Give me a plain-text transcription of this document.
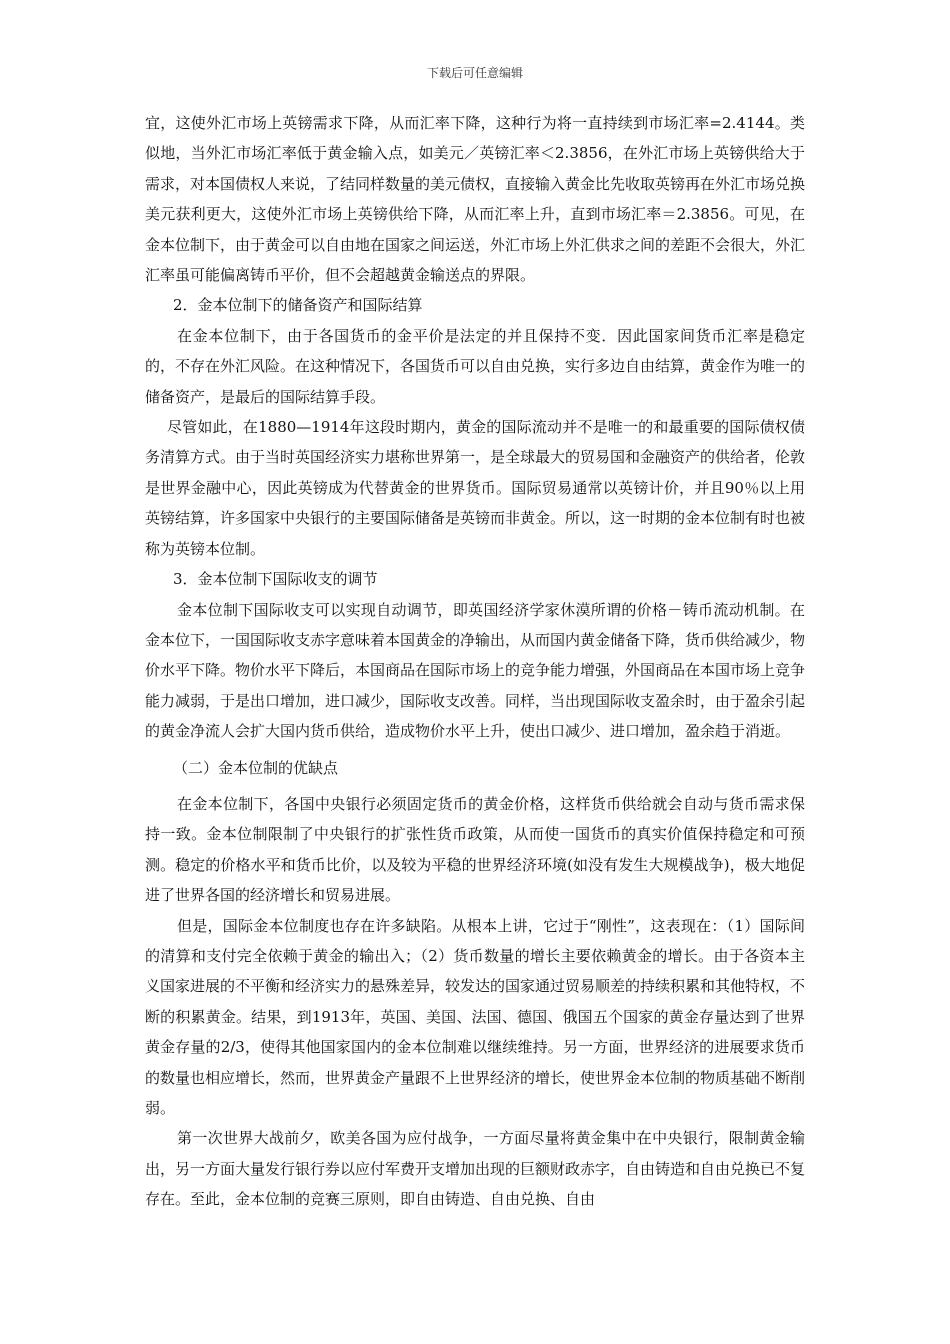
下载后可任意编辑

宜，这使外汇市场上英镑需求下降，从而汇率下降，这种行为将一直持续到市场汇率=2.4144。类似地，当外汇市场汇率低于黄金输入点，如美元／英镑汇率＜2.3856，在外汇市场上英镑供给大于需求，对本国债权人来说，了结同样数量的美元债权，直接输入黄金比先收取英镑再在外汇市场兑换美元获利更大，这使外汇市场上英镑供给下降，从而汇率上升，直到市场汇率＝2.3856。可见，在金本位制下，由于黄金可以自由地在国家之间运送，外汇市场上外汇供求之间的差距不会很大，外汇汇率虽可能偏离铸币平价，但不会超越黄金输送点的界限。

2．金本位制下的储备资产和国际结算

在金本位制下，由于各国货币的金平价是法定的并且保持不变．因此国家间货币汇率是稳定的，不存在外汇风险。在这种情况下，各国货币可以自由兑换，实行多边自由结算，黄金作为唯一的储备资产，是最后的国际结算手段。

尽管如此，在1880—1914年这段时期内，黄金的国际流动并不是唯一的和最重要的国际债权债务清算方式。由于当时英国经济实力堪称世界第一，是全球最大的贸易国和金融资产的供给者，伦敦是世界金融中心，因此英镑成为代替黄金的世界货币。国际贸易通常以英镑计价，并且90％以上用英镑结算，许多国家中央银行的主要国际储备是英镑而非黄金。所以，这一时期的金本位制有时也被称为英镑本位制。

3．金本位制下国际收支的调节

金本位制下国际收支可以实现自动调节，即英国经济学家休漠所谓的价格－铸币流动机制。在金本位下，一国国际收支赤字意味着本国黄金的净输出，从而国内黄金储备下降，货币供给减少，物价水平下降。物价水平下降后，本国商品在国际市场上的竞争能力增强，外国商品在本国市场上竞争能力减弱，于是出口增加，进口减少，国际收支改善。同样，当出现国际收支盈余时，由于盈余引起的黄金净流人会扩大国内货币供给，造成物价水平上升，使出口减少、进口增加，盈余趋于消逝。

（二）金本位制的优缺点

在金本位制下，各国中央银行必须固定货币的黄金价格，这样货币供给就会自动与货币需求保持一致。金本位制限制了中央银行的扩张性货币政策，从而使一国货币的真实价值保持稳定和可预测。稳定的价格水平和货币比价，以及较为平稳的世界经济环境(如没有发生大规模战争)，极大地促进了世界各国的经济增长和贸易进展。

但是，国际金本位制度也存在许多缺陷。从根本上讲，它过于“刚性”，这表现在：（1）国际间的清算和支付完全依赖于黄金的输出入；（2）货币数量的增长主要依赖黄金的增长。由于各资本主义国家进展的不平衡和经济实力的悬殊差异，较发达的国家通过贸易顺差的持续积累和其他特权，不断的积累黄金。结果，到1913年，英国、美国、法国、德国、俄国五个国家的黄金存量达到了世界黄金存量的2/3，使得其他国家国内的金本位制难以继续维持。另一方面，世界经济的进展要求货币的数量也相应增长，然而，世界黄金产量跟不上世界经济的增长，使世界金本位制的物质基础不断削弱。

第一次世界大战前夕，欧美各国为应付战争，一方面尽量将黄金集中在中央银行，限制黄金输出，另一方面大量发行银行券以应付军费开支增加出现的巨额财政赤字，自由铸造和自由兑换已不复存在。至此，金本位制的竞赛三原则，即自由铸造、自由兑换、自由
